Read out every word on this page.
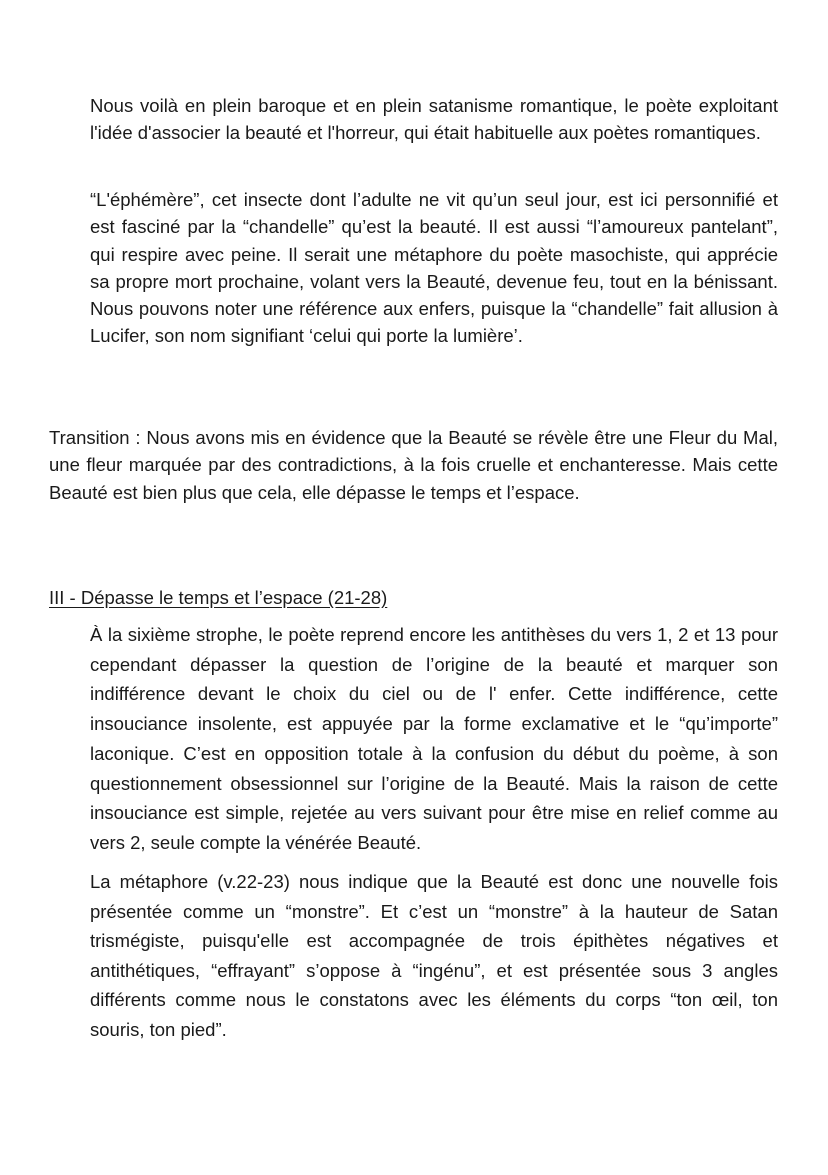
Nous voilà en plein baroque et en plein satanisme romantique, le poète exploitant l'idée d'associer la beauté et l'horreur, qui était habituelle aux poètes romantiques.

“L'éphémère”, cet insecte dont l’adulte ne vit qu’un seul jour, est ici personnifié et est fasciné par la “chandelle” qu’est la beauté. Il est aussi “l’amoureux pantelant”, qui respire avec peine. Il serait une métaphore du poète masochiste, qui apprécie sa propre mort prochaine, volant vers la Beauté, devenue feu, tout en la bénissant. Nous pouvons noter une référence aux enfers, puisque la “chandelle” fait allusion à Lucifer, son nom signifiant ‘celui qui porte la lumière’.

Transition : Nous avons mis en évidence que la Beauté se révèle être une Fleur du Mal, une fleur marquée par des contradictions, à la fois cruelle et enchanteresse. Mais cette Beauté est bien plus que cela, elle dépasse le temps et l’espace.

III - Dépasse le temps et l’espace (21-28)

À la sixième strophe, le poète reprend encore les antithèses du vers 1, 2 et 13 pour cependant dépasser la question de l’origine de la beauté et marquer son indifférence devant le choix du ciel ou de l' enfer. Cette indifférence, cette insouciance insolente, est appuyée par la forme exclamative et le “qu’importe” laconique. C’est en opposition totale à la confusion du début du poème, à son questionnement obsessionnel sur l’origine de la Beauté. Mais la raison de cette insouciance est simple, rejetée au vers suivant pour être mise en relief comme au vers 2, seule compte la vénérée Beauté.

La métaphore (v.22-23) nous indique que la Beauté est donc une nouvelle fois présentée comme un “monstre”. Et c’est un “monstre” à la hauteur de Satan trismégiste, puisqu'elle est accompagnée de trois épithètes négatives et antithétiques, “effrayant” s’oppose à “ingénu”, et est présentée sous 3 angles différents comme nous le constatons avec les éléments du corps “ton œil, ton souris, ton pied”.
